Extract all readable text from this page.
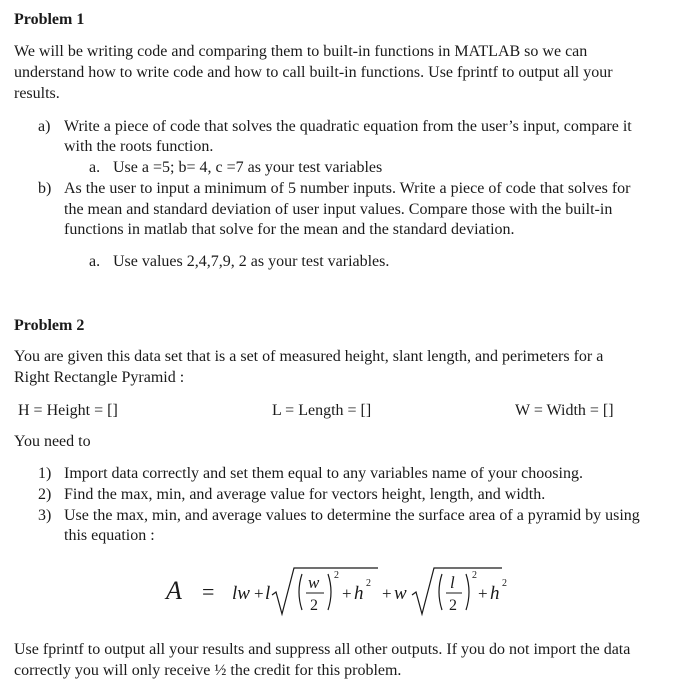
Problem 1
We will be writing code and comparing them to built-in functions in MATLAB so we can
understand how to write code and how to call built-in functions. Use fprintf to output all your
results.
a) Write a piece of code that solves the quadratic equation from the user’s input, compare it
with the roots function.
a. Use a =5; b= 4, c =7 as your test variables
b) As the user to input a minimum of 5 number inputs. Write a piece of code that solves for
the mean and standard deviation of user input values. Compare those with the built-in
functions in matlab that solve for the mean and the standard deviation.
a. Use values 2,4,7,9, 2 as your test variables.
Problem 2
You are given this data set that is a set of measured height, slant length, and perimeters for a
Right Rectangle Pyramid :
H = Height = []	L = Length = []	W = Width = []
You need to
1) Import data correctly and set them equal to any variables name of your choosing.
2) Find the max, min, and average value for vectors height, length, and width.
3) Use the max, min, and average values to determine the surface area of a pyramid by using
this equation :
A = lw + l
w
2
2
+ h 2
+ w
l
2
2
+ h 2
Use fprintf to output all your results and suppress all other outputs. If you do not import the data
correctly you will only receive ½ the credit for this problem.
